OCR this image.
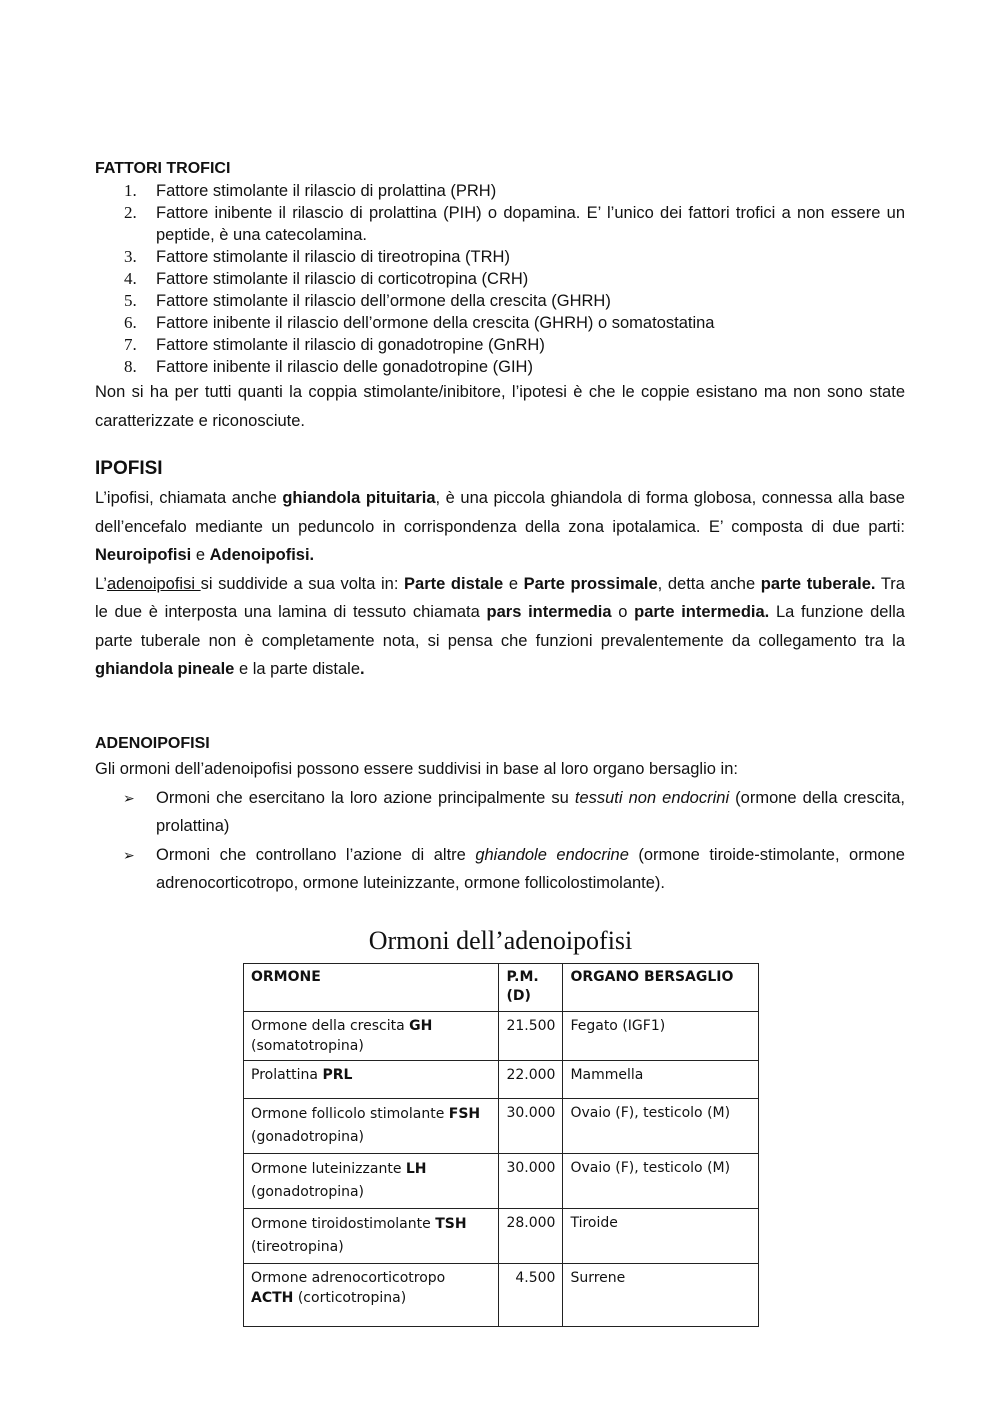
FATTORI TROFICI
1. Fattore stimolante il rilascio di prolattina (PRH)
2. Fattore inibente il rilascio di prolattina (PIH) o dopamina. E’ l’unico dei fattori trofici a non essere un peptide, è una catecolamina.
3. Fattore stimolante il rilascio di tireotropina (TRH)
4. Fattore stimolante il rilascio di corticotropina (CRH)
5. Fattore stimolante il rilascio dell’ormone della crescita (GHRH)
6. Fattore inibente il rilascio dell’ormone della crescita (GHRH) o somatostatina
7. Fattore stimolante il rilascio di gonadotropine (GnRH)
8. Fattore inibente il rilascio delle gonadotropine (GIH)

Non si ha per tutti quanti la coppia stimolante/inibitore, l’ipotesi è che le coppie esistano ma non sono state caratterizzate e riconosciute.

IPOFISI

L’ipofisi, chiamata anche ghiandola pituitaria, è una piccola ghiandola di forma globosa, connessa alla base dell’encefalo mediante un peduncolo in corrispondenza della zona ipotalamica. E’ composta di due parti: Neuroipofisi e Adenoipofisi.

L’adenoipofisi si suddivide a sua volta in: Parte distale e Parte prossimale, detta anche parte tuberale. Tra le due è interposta una lamina di tessuto chiamata pars intermedia o parte intermedia. La funzione della parte tuberale non è completamente nota, si pensa che funzioni prevalentemente da collegamento tra la ghiandola pineale e la parte distale.

ADENOIPOFISI

Gli ormoni dell’adenoipofisi possono essere suddivisi in base al loro organo bersaglio in:

➢ Ormoni che esercitano la loro azione principalmente su tessuti non endocrini (ormone della crescita, prolattina)
➢ Ormoni che controllano l’azione di altre ghiandole endocrine (ormone tiroide-stimolante, ormone adrenocorticotropo, ormone luteinizzante, ormone follicolostimolante).
Ormoni dell’adenoipofisi
ORMONE	P.M. (D)	ORGANO BERSAGLIO
Ormone della crescita GH (somatotropina)	21.500	Fegato (IGF1)
Prolattina PRL	22.000	Mammella
Ormone follicolo stimolante FSH (gonadotropina)	30.000	Ovaio (F), testicolo (M)
Ormone luteinizzante LH (gonadotropina)	30.000	Ovaio (F), testicolo (M)
Ormone tiroidostimolante TSH (tireotropina)	28.000	Tiroide
Ormone adrenocorticotropo ACTH (corticotropina)	4.500	Surrene
